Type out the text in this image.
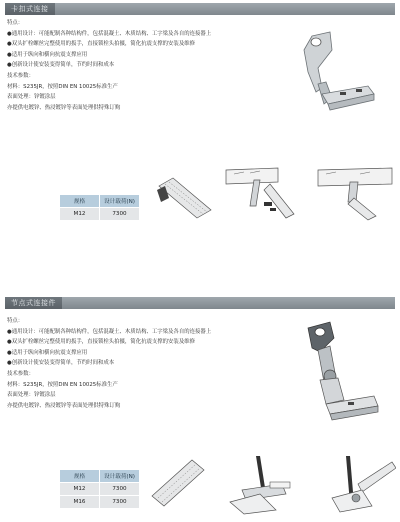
卡扣式连接
特点：
●通用设计：可能配制各种结构件，包括混凝土、木质结构、工字梁及各自的连接器上
●双头扩栓螺丝完整使用的扳手，直接锁栓头拍摄，简化抗震支撑的安装及维修
●适用于纵向和横向抗震支撑应用
●创新设计使安装变得简单，节约时间和成本
技术参数：
材料：S235JR，按照DIN EN 10025标准生产
表面处理：锌镀涂层
亦提供电镀锌、热浸镀锌等表面处理供特殊订购
规格	设计载荷(N)
M12	7300
节点式连接件
特点：
●通用设计：可能配制各种结构件，包括混凝土、木质结构、工字梁及各自的连接器上
●双头扩栓螺丝完整使用的扳手，直接锁栓头拍摄，简化抗震支撑的安装及维修
●适用于纵向和横向抗震支撑应用
●创新设计使安装变得简单，节约时间和成本
技术参数：
材料：S235JR，按照DIN EN 10025标准生产
表面处理：锌镀涂层
亦提供电镀锌、热浸镀锌等表面处理供特殊订购
规格	设计载荷(N)
M12	7300
M16	7300
